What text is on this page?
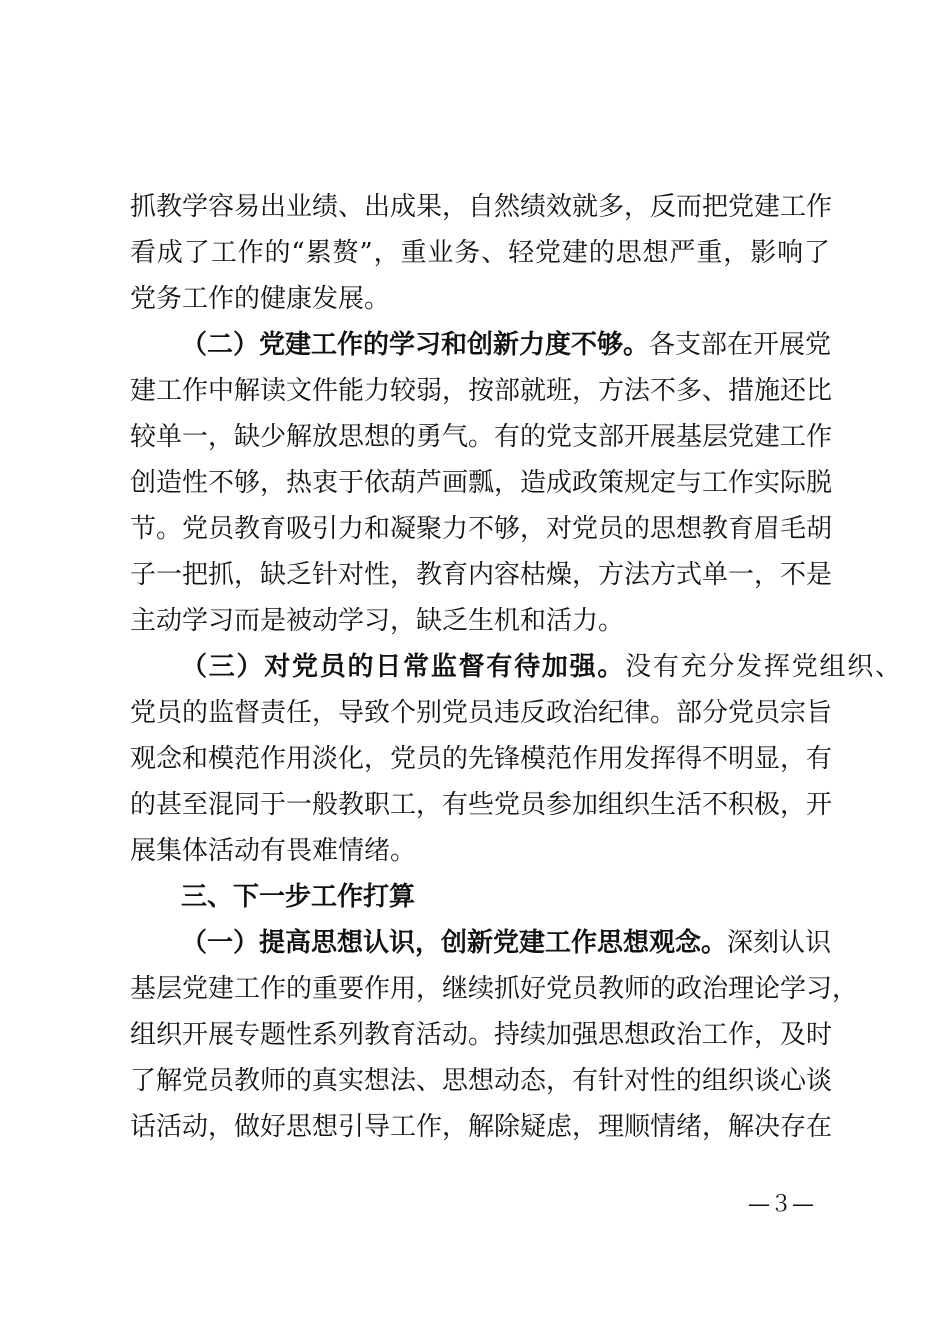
抓教学容易出业绩、出成果，自然绩效就多，反而把党建工作
看成了工作的“累赘”，重业务、轻党建的思想严重，影响了
党务工作的健康发展。
（二）党建工作的学习和创新力度不够。各支部在开展党
建工作中解读文件能力较弱，按部就班，方法不多、措施还比
较单一，缺少解放思想的勇气。有的党支部开展基层党建工作
创造性不够，热衷于依葫芦画瓢，造成政策规定与工作实际脱
节。党员教育吸引力和凝聚力不够，对党员的思想教育眉毛胡
子一把抓，缺乏针对性，教育内容枯燥，方法方式单一，不是
主动学习而是被动学习，缺乏生机和活力。
（三）对党员的日常监督有待加强。没有充分发挥党组织、
党员的监督责任，导致个别党员违反政治纪律。部分党员宗旨
观念和模范作用淡化，党员的先锋模范作用发挥得不明显，有
的甚至混同于一般教职工，有些党员参加组织生活不积极，开
展集体活动有畏难情绪。
三、下一步工作打算
（一）提高思想认识，创新党建工作思想观念。深刻认识
基层党建工作的重要作用，继续抓好党员教师的政治理论学习，
组织开展专题性系列教育活动。持续加强思想政治工作，及时
了解党员教师的真实想法、思想动态，有针对性的组织谈心谈
话活动，做好思想引导工作，解除疑虑，理顺情绪，解决存在
—３—
